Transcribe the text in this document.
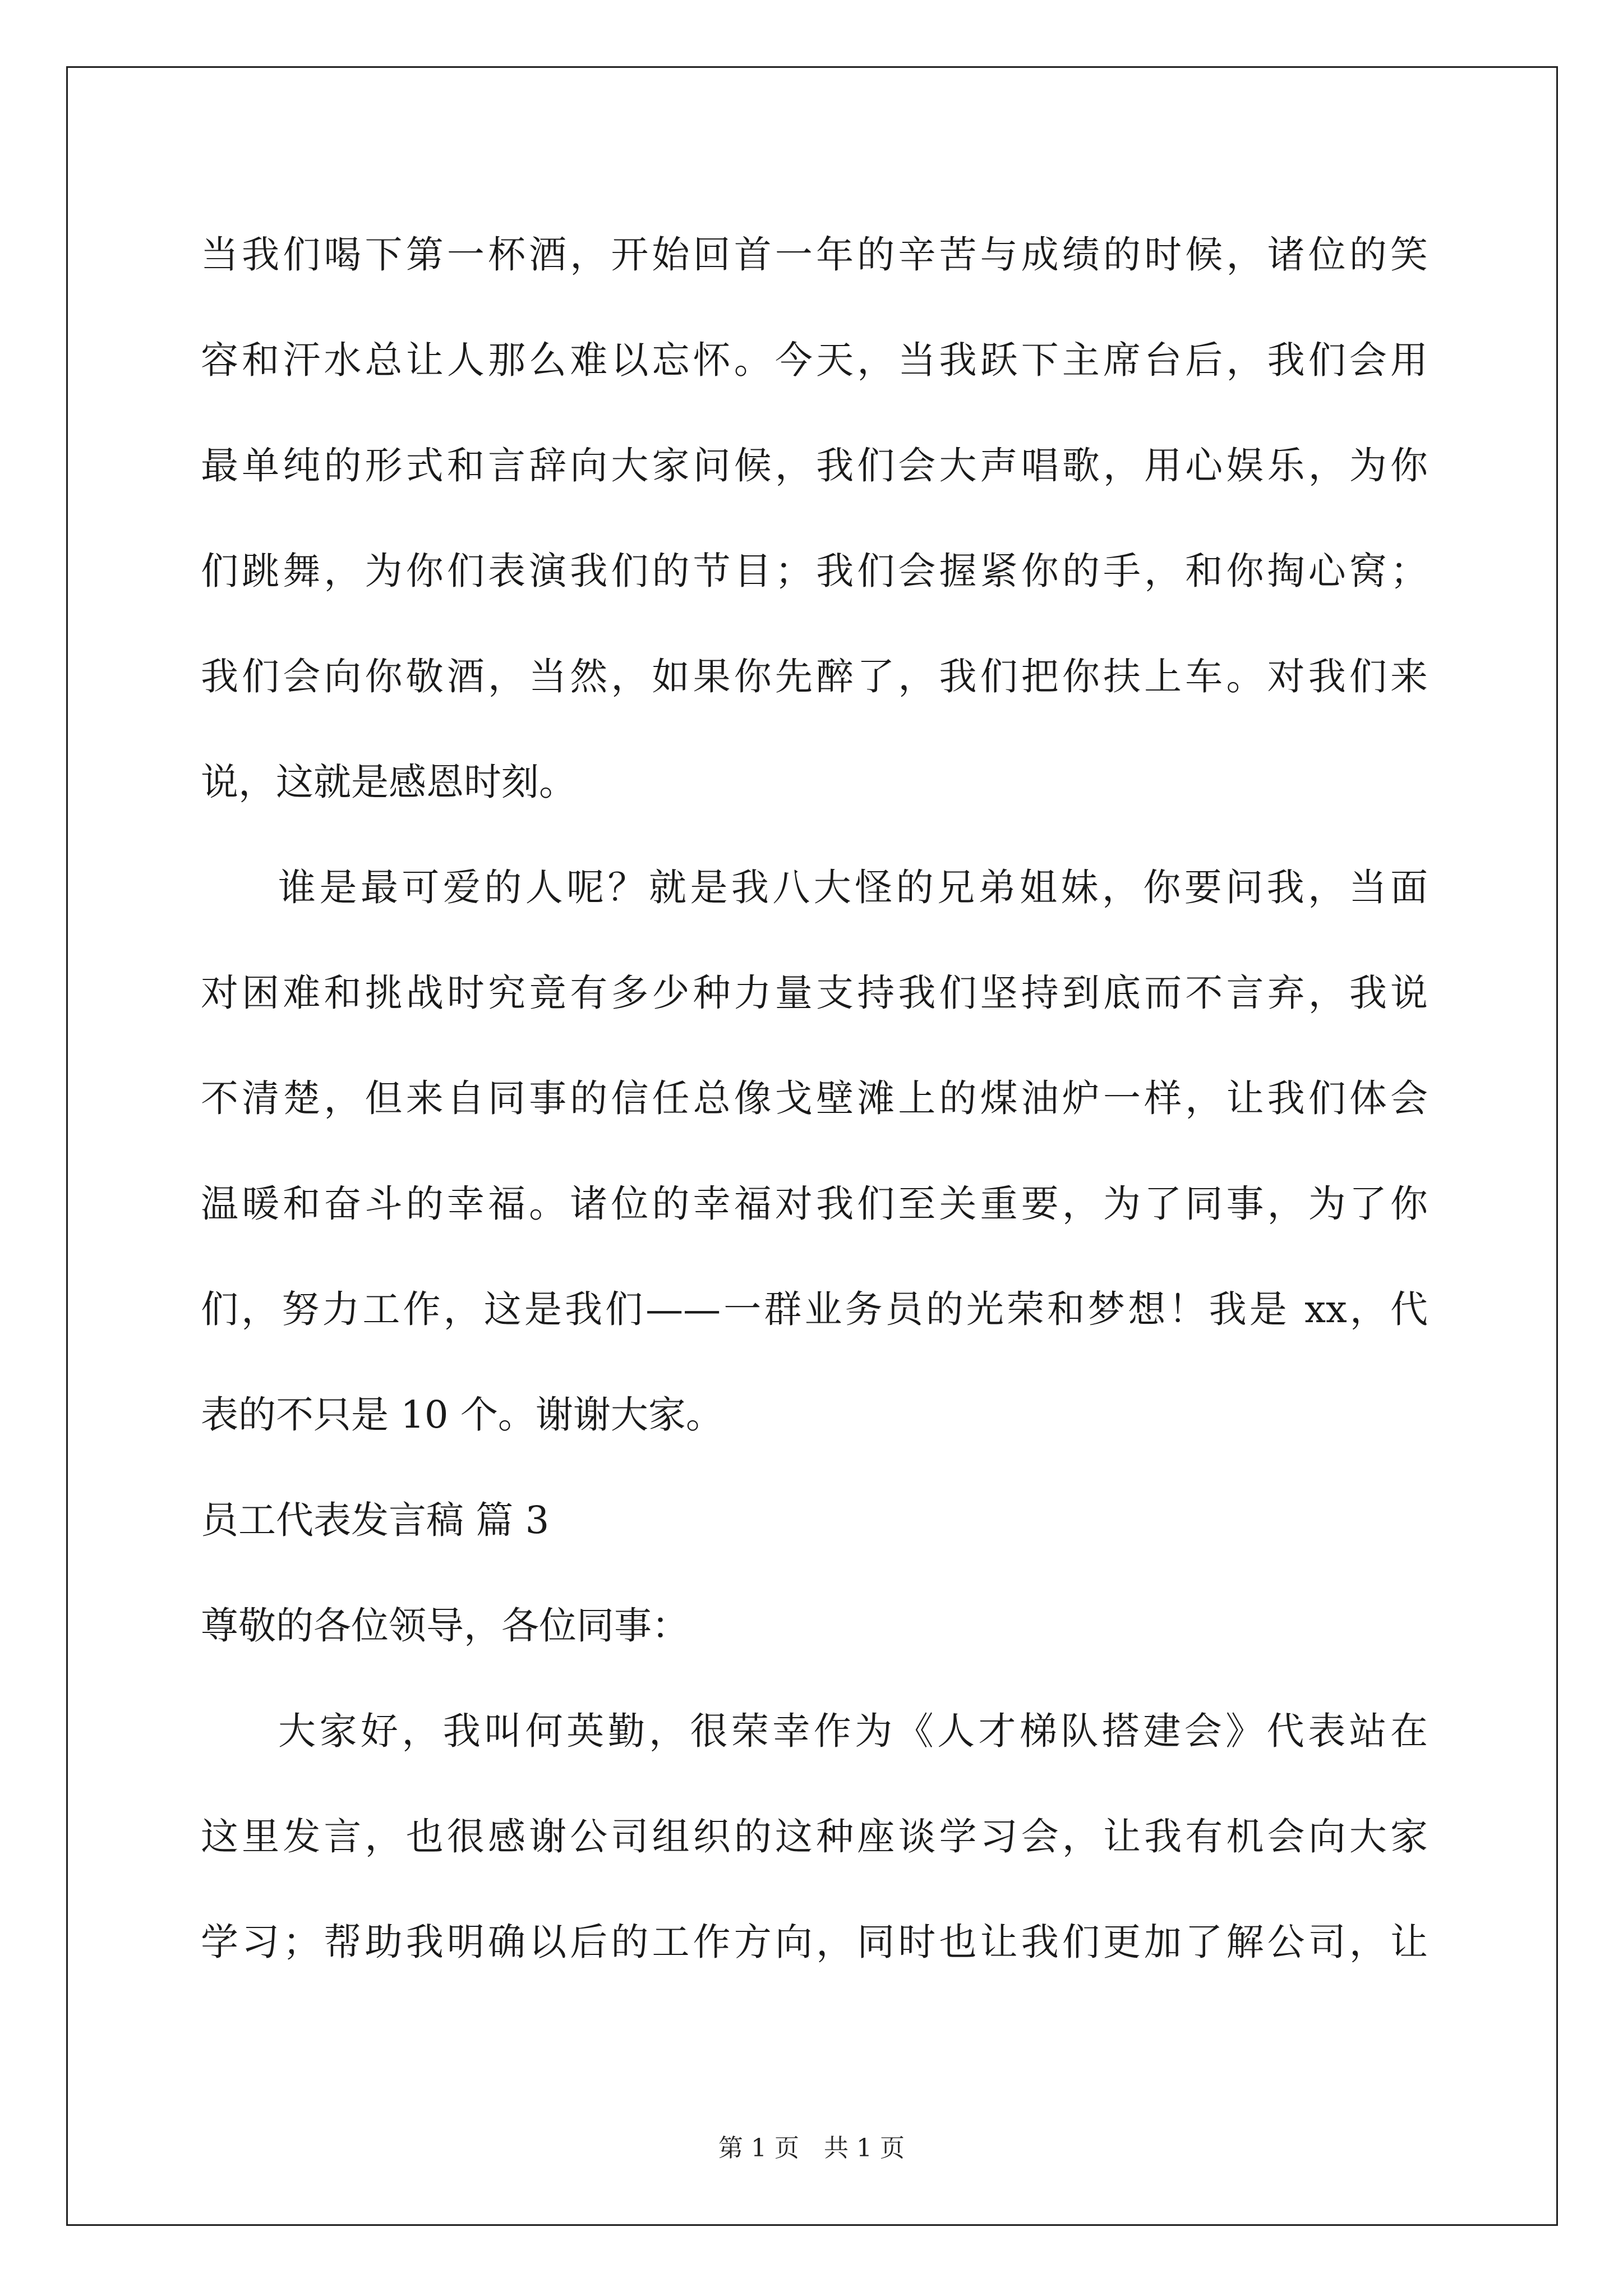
当我们喝下第一杯酒，开始回首一年的辛苦与成绩的时候，诸位的笑
容和汗水总让人那么难以忘怀。今天，当我跃下主席台后，我们会用
最单纯的形式和言辞向大家问候，我们会大声唱歌，用心娱乐，为你
们跳舞，为你们表演我们的节目；我们会握紧你的手，和你掏心窝；
我们会向你敬酒，当然，如果你先醉了，我们把你扶上车。对我们来
说，这就是感恩时刻。
谁是最可爱的人呢？就是我八大怪的兄弟姐妹，你要问我，当面
对困难和挑战时究竟有多少种力量支持我们坚持到底而不言弃，我说
不清楚，但来自同事的信任总像戈壁滩上的煤油炉一样，让我们体会
温暖和奋斗的幸福。诸位的幸福对我们至关重要，为了同事，为了你
们，努力工作，这是我们——一群业务员的光荣和梦想！我是 xx，代
表的不只是 10 个。谢谢大家。
员工代表发言稿 篇 3
尊敬的各位领导，各位同事：
大家好，我叫何英勤，很荣幸作为《人才梯队搭建会》代表站在
这里发言，也很感谢公司组织的这种座谈学习会，让我有机会向大家
学习；帮助我明确以后的工作方向，同时也让我们更加了解公司，让
第 1 页　共 1 页
